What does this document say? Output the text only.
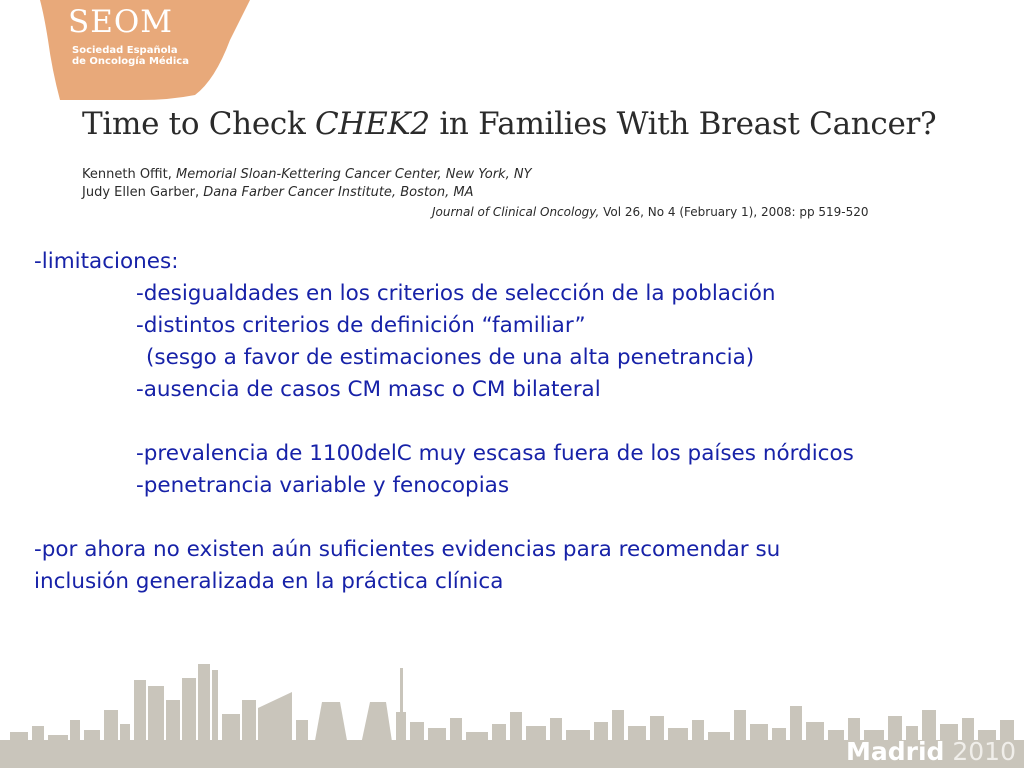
SEOM
Sociedad Española
de Oncología Médica
Time to Check CHEK2 in Families With Breast Cancer?
Kenneth Offit, Memorial Sloan-Kettering Cancer Center, New York, NY
Judy Ellen Garber, Dana Farber Cancer Institute, Boston, MA
Journal of Clinical Oncology, Vol 26, No 4 (February 1), 2008: pp 519-520
-limitaciones:
-desigualdades en los criterios de selección de la población
-distintos criterios de definición “familiar”
(sesgo a favor de estimaciones de una alta penetrancia)
-ausencia de casos CM masc o CM bilateral
-prevalencia de 1100delC muy escasa fuera de los países nórdicos
-penetrancia variable y fenocopias
-por ahora no existen aún suficientes evidencias para recomendar su
inclusión generalizada en la práctica clínica
Madrid 2010
